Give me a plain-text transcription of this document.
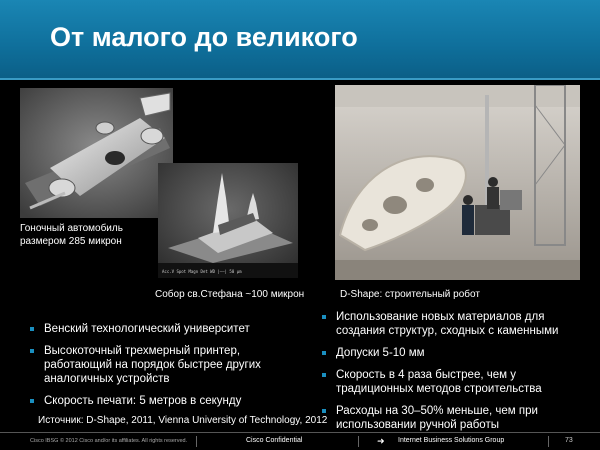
От малого до великого
Гоночный автомобиль размером 285 микрон
Acc.V Spot Magn Det WD |——| 50 μm
Собор св.Стефана ~100 микрон	D-Shape: строительный робот
Венский технологический университет
Высокоточный трехмерный принтер, работающий на порядок быстрее других аналогичных устройств
Скорость печати: 5 метров в секунду
Использование новых материалов для создания структур, сходных с каменными
Допуски 5-10 мм
Скорость в 4 раза быстрее, чем у традиционных методов строительства
Расходы на 30–50% меньше, чем при использовании ручной работы
Источник: D-Shape, 2011, Vienna University of Technology, 2012
Cisco IBSG © 2012 Cisco and/or its affiliates. All rights reserved.	Cisco Confidential	➜ Internet Business Solutions Group	73
